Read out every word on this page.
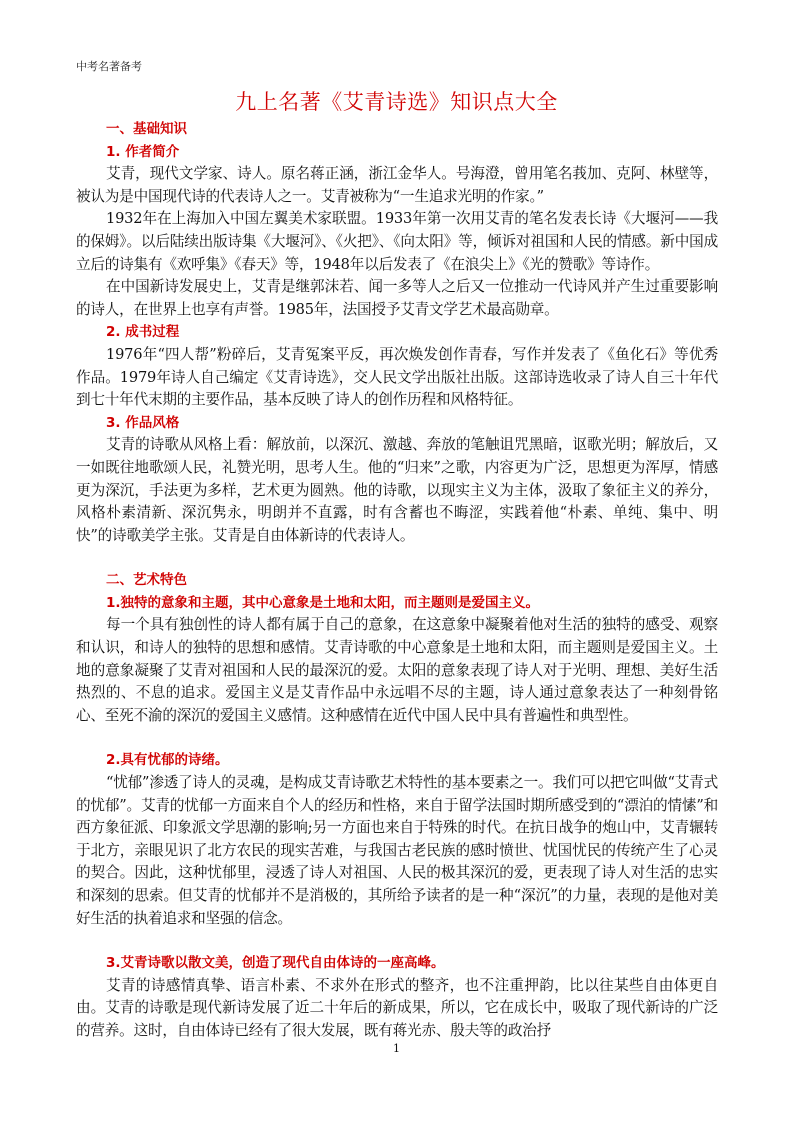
中考名著备考
九上名著《艾青诗选》知识点大全
一、基础知识
1. 作者简介

艾青，现代文学家、诗人。原名蒋正涵，浙江金华人。号海澄，曾用笔名莪加、克阿、林壁等，被认为是中国现代诗的代表诗人之一。艾青被称为“一生追求光明的作家。”

1932年在上海加入中国左翼美术家联盟。1933年第一次用艾青的笔名发表长诗《大堰河——我的保姆》。以后陆续出版诗集《大堰河》、《火把》、《向太阳》等，倾诉对祖国和人民的情感。新中国成立后的诗集有《欢呼集》《春天》等，1948年以后发表了《在浪尖上》《光的赞歌》等诗作。

在中国新诗发展史上，艾青是继郭沫若、闻一多等人之后又一位推动一代诗风并产生过重要影响的诗人，在世界上也享有声誉。1985年，法国授予艾青文学艺术最高勋章。

2. 成书过程

1976年“四人帮”粉碎后，艾青冤案平反，再次焕发创作青春，写作并发表了《鱼化石》等优秀作品。1979年诗人自己编定《艾青诗选》，交人民文学出版社出版。这部诗选收录了诗人自三十年代到七十年代末期的主要作品，基本反映了诗人的创作历程和风格特征。

3. 作品风格

艾青的诗歌从风格上看：解放前，以深沉、激越、奔放的笔触诅咒黑暗，讴歌光明；解放后，又一如既往地歌颂人民，礼赞光明，思考人生。他的“归来”之歌，内容更为广泛，思想更为浑厚，情感更为深沉，手法更为多样，艺术更为圆熟。他的诗歌，以现实主义为主体，汲取了象征主义的养分，风格朴素清新、深沉隽永，明朗并不直露，时有含蓄也不晦涩，实践着他“朴素、单纯、集中、明快”的诗歌美学主张。艾青是自由体新诗的代表诗人。

二、艺术特色
1.独特的意象和主题，其中心意象是土地和太阳，而主题则是爱国主义。

每一个具有独创性的诗人都有属于自己的意象，在这意象中凝聚着他对生活的独特的感受、观察和认识，和诗人的独特的思想和感情。艾青诗歌的中心意象是土地和太阳，而主题则是爱国主义。土地的意象凝聚了艾青对祖国和人民的最深沉的爱。太阳的意象表现了诗人对于光明、理想、美好生活热烈的、不息的追求。爱国主义是艾青作品中永远唱不尽的主题，诗人通过意象表达了一种刻骨铭心、至死不渝的深沉的爱国主义感情。这种感情在近代中国人民中具有普遍性和典型性。

2.具有忧郁的诗绪。

“忧郁”渗透了诗人的灵魂，是构成艾青诗歌艺术特性的基本要素之一。我们可以把它叫做“艾青式的忧郁”。艾青的忧郁一方面来自个人的经历和性格，来自于留学法国时期所感受到的“漂泊的情愫”和西方象征派、印象派文学思潮的影响;另一方面也来自于特殊的时代。在抗日战争的炮山中，艾青辗转于北方，亲眼见识了北方农民的现实苦难，与我国古老民族的感时愤世、忧国忧民的传统产生了心灵的契合。因此，这种忧郁里，浸透了诗人对祖国、人民的极其深沉的爱，更表现了诗人对生活的忠实和深刻的思索。但艾青的忧郁并不是消极的，其所给予读者的是一种“深沉”的力量，表现的是他对美好生活的执着追求和坚强的信念。

3.艾青诗歌以散文美，创造了现代自由体诗的一座高峰。

艾青的诗感情真挚、语言朴素、不求外在形式的整齐，也不注重押韵，比以往某些自由体更自由。艾青的诗歌是现代新诗发展了近二十年后的新成果，所以，它在成长中，吸取了现代新诗的广泛的营养。这时，自由体诗已经有了很大发展，既有蒋光赤、殷夫等的政治抒

1
